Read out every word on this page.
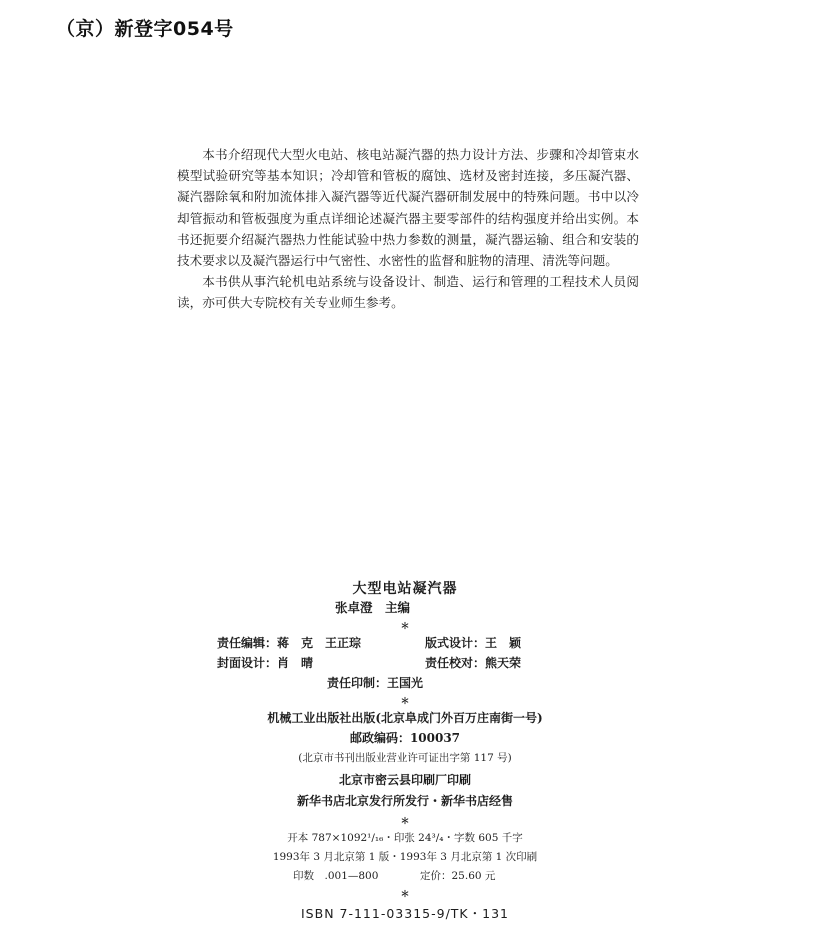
（京）新登字054号

本书介绍现代大型火电站、核电站凝汽器的热力设计方法、步骤和冷却管束水模型试验研究等基本知识；冷却管和管板的腐蚀、选材及密封连接，多压凝汽器、凝汽器除氧和附加流体排入凝汽器等近代凝汽器研制发展中的特殊问题。书中以冷却管振动和管板强度为重点详细论述凝汽器主要零部件的结构强度并给出实例。本书还扼要介绍凝汽器热力性能试验中热力参数的测量，凝汽器运输、组合和安装的技术要求以及凝汽器运行中气密性、水密性的监督和脏物的清理、清洗等问题。

本书供从事汽轮机电站系统与设备设计、制造、运行和管理的工程技术人员阅读，亦可供大专院校有关专业师生参考。

大型电站凝汽器
张卓澄　主编
＊
责任编辑：蒋　克　王正琮	版式设计：王　颖
封面设计：肖　晴	责任校对：熊天荣
责任印制：王国光
＊
机械工业出版社出版(北京阜成门外百万庄南街一号)
邮政编码：100037
(北京市书刊出版业营业许可证出字第 117 号)
北京市密云县印刷厂印刷
新华书店北京发行所发行・新华书店经售
＊
开本 787×1092¹/₁₆・印张 24³/₄・字数 605 千字
1993年 3 月北京第 1 版・1993年 3 月北京第 1 次印刷
印数　.001—800	定价：25.60 元
＊
ISBN 7-111-03315-9/TK・131
